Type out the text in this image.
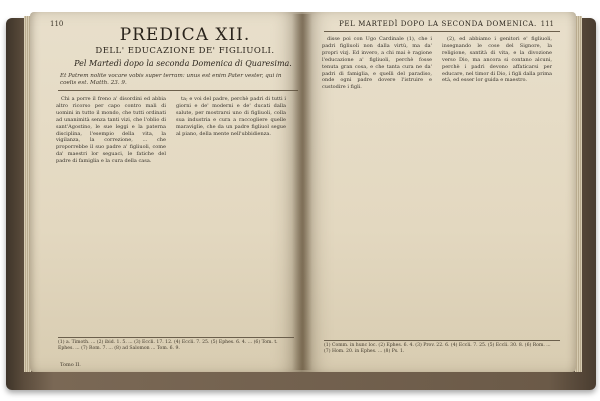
110
PREDICA XII.
DELL' EDUCAZIONE DE' FIGLIUOLI.
Pel Martedì dopo la seconda Domenica di Quaresima.
Et Patrem nolite vocare vobis super terram: unus est enim Pater vester, qui in coelis est. Matth. 23. 9.

Chi a porre il freno a' disordini ed abbia altro ricorso per capo contro mali di uomini in tutto il mondo, che tutti ordinati ad unanimità senza tanti vizi, che l'oblio di sant'Agostino, le sue leggi e la paterna disciplina, l'esempio della vita, la vigilanza, la correzione, ... che proporrebbe il suo padre a' figliuoli, come da' maestri lor seguaci, le fatiche del padre di famiglia e la cura della casa.

ta; e voi del padre, perchè padri di tutti i giorni e de' moderni e de' ducati dalla salute, per mostrarsi uno di figliuoli, colla sua industria e cura a raccogliere quelle maraviglie, che da un padre figliuol segue al piano, della mente nell'ubbidienza.

(1) a. Timoth. ... (2) ibid. 1. 5. ... (3) Eccli. 17. 12. (4) Eccli. 7. 25. (5) Ephes. 6. 4. ... (6) Tom. t. Ephes. ... (7) Rom. 7. ... (8) ad Salomon ... Tom. 6. 9.
Tomo II.
PEL MARTEDÌ DOPO LA SECONDA DOMENICA. 111

disse poi con Ugo Cardinale (1), che i padri figliuoli non dalla virtù, ma da' propri vizj. Ed invero, a chi mai è ragione l'educazione a' figliuoli, perchè fosse tenuta gran cosa, e che tanta cura ne da' padri di famiglia, e quelli del paradiso, onde ogni padre dovere l'istruire e custodire i figli.

(2), ed abbiamo i genitori e' figliuoli, insegnando le cose del Signore, la religione, santità di vita, e la divozione verso Dio, ma ancora si contano alcuni, perchè i padri devono affaticarsi per educare, nel timor di Dio, i figli dalla prima età, ed esser lor guida e maestro.

(1) Comm. in hunc loc. (2) Ephes. 6. 4. (3) Prov. 22. 6. (4) Eccli. 7. 25. (5) Eccli. 30. 8. (6) Rom. ... (7) Hom. 20. in Ephes. ... (8) Ps. 1.
